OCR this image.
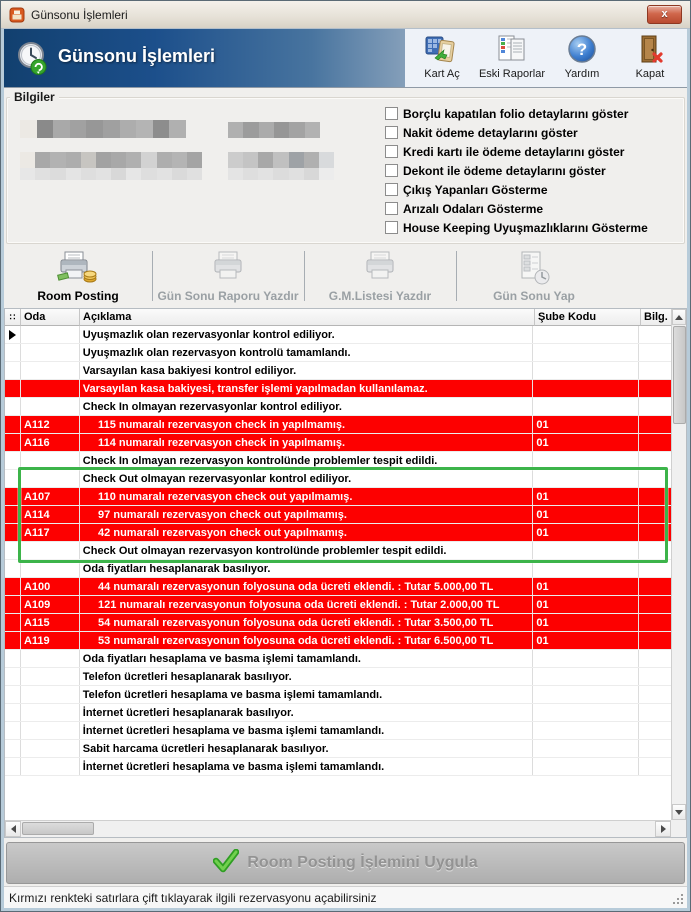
Günsonu İşlemleri	x
Günsonu İşlemleri
Kart Aç Eski Raporlar
?
Yardım	Kapat
Bilgiler
Borçlu kapatılan folio detaylarını göster
Nakit ödeme detaylarını göster
Kredi kartı ile ödeme detaylarını göster
Dekont ile ödeme detaylarını göster
Çıkış Yapanları Gösterme
Arızalı Odaları Gösterme
House Keeping Uyuşmazlıklarını Gösterme
Room Posting	Gün Sonu Raporu Yazdır	G.M.Listesi Yazdır	Gün Sonu Yap
∷ Oda	Açıklama	Şube Kodu	Bilg.
Uyuşmazlık olan rezervasyonlar kontrol ediliyor.
Uyuşmazlık olan rezervasyon kontrolü tamamlandı.
Varsayılan kasa bakiyesi kontrol ediliyor.
Varsayılan kasa bakiyesi, transfer işlemi yapılmadan kullanılamaz.
Check In olmayan rezervasyonlar kontrol ediliyor.
A112	115 numaralı rezervasyon check in yapılmamış.	01
A116	114 numaralı rezervasyon check in yapılmamış.	01
Check In olmayan rezervasyon kontrolünde problemler tespit edildi.
Check Out olmayan rezervasyonlar kontrol ediliyor.
A107	110 numaralı rezervasyon check out yapılmamış.	01
A114	97 numaralı rezervasyon check out yapılmamış.	01
A117	42 numaralı rezervasyon check out yapılmamış.	01
Check Out olmayan rezervasyon kontrolünde problemler tespit edildi.
Oda fiyatları hesaplanarak basılıyor.
A100	44 numaralı rezervasyonun folyosuna oda ücreti eklendi. : Tutar 5.000,00 TL	01
A109	121 numaralı rezervasyonun folyosuna oda ücreti eklendi. : Tutar 2.000,00 TL	01
A115	54 numaralı rezervasyonun folyosuna oda ücreti eklendi. : Tutar 3.500,00 TL	01
A119	53 numaralı rezervasyonun folyosuna oda ücreti eklendi. : Tutar 6.500,00 TL	01
Oda fiyatları hesaplama ve basma işlemi tamamlandı.
Telefon ücretleri hesaplanarak basılıyor.
Telefon ücretleri hesaplama ve basma işlemi tamamlandı.
İnternet ücretleri hesaplanarak basılıyor.
İnternet ücretleri hesaplama ve basma işlemi tamamlandı.
Sabit harcama ücretleri hesaplanarak basılıyor.
İnternet ücretleri hesaplama ve basma işlemi tamamlandı.
Room Posting İşlemini Uygula
Kırmızı renkteki satırlara çift tıklayarak ilgili rezervasyonu açabilirsiniz
